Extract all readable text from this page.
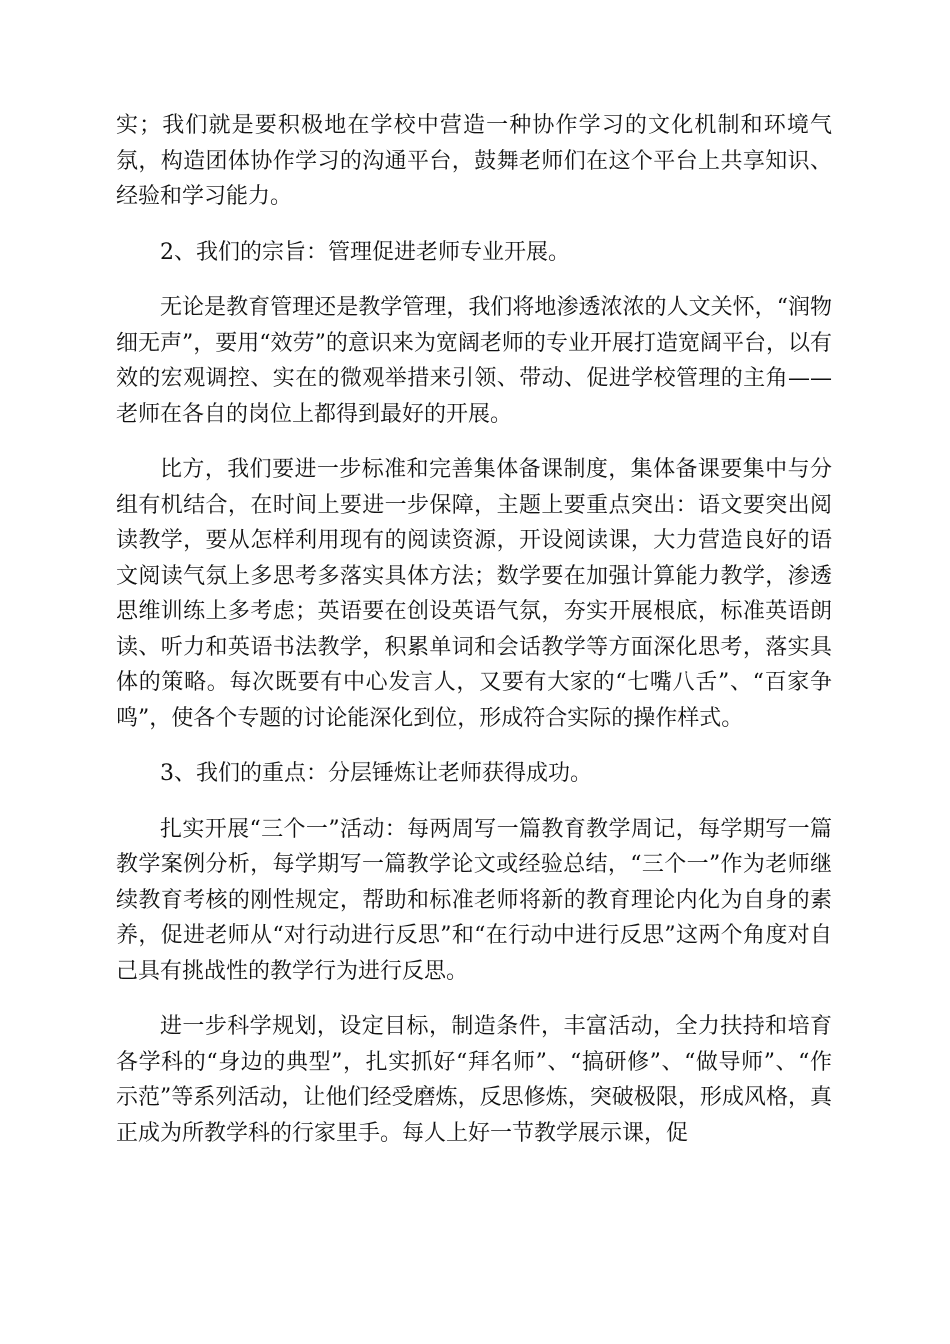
实；我们就是要积极地在学校中营造一种协作学习的文化机制和环境气氛，构造团体协作学习的沟通平台，鼓舞老师们在这个平台上共享知识、经验和学习能力。

2、我们的宗旨：管理促进老师专业开展。

无论是教育管理还是教学管理，我们将地渗透浓浓的人文关怀，“润物细无声”，要用“效劳”的意识来为宽阔老师的专业开展打造宽阔平台，以有效的宏观调控、实在的微观举措来引领、带动、促进学校管理的主角——老师在各自的岗位上都得到最好的开展。

比方，我们要进一步标准和完善集体备课制度，集体备课要集中与分组有机结合，在时间上要进一步保障，主题上要重点突出：语文要突出阅读教学，要从怎样利用现有的阅读资源，开设阅读课，大力营造良好的语文阅读气氛上多思考多落实具体方法；数学要在加强计算能力教学，渗透思维训练上多考虑；英语要在创设英语气氛，夯实开展根底，标准英语朗读、听力和英语书法教学，积累单词和会话教学等方面深化思考，落实具体的策略。每次既要有中心发言人，又要有大家的“七嘴八舌”、“百家争鸣”，使各个专题的讨论能深化到位，形成符合实际的操作样式。

3、我们的重点：分层锤炼让老师获得成功。

扎实开展“三个一”活动：每两周写一篇教育教学周记，每学期写一篇教学案例分析，每学期写一篇教学论文或经验总结，“三个一”作为老师继续教育考核的刚性规定，帮助和标准老师将新的教育理论内化为自身的素养，促进老师从“对行动进行反思”和“在行动中进行反思”这两个角度对自己具有挑战性的教学行为进行反思。

进一步科学规划，设定目标，制造条件，丰富活动，全力扶持和培育各学科的“身边的典型”，扎实抓好“拜名师”、“搞研修”、“做导师”、“作示范”等系列活动，让他们经受磨炼，反思修炼，突破极限，形成风格，真正成为所教学科的行家里手。每人上好一节教学展示课，促
